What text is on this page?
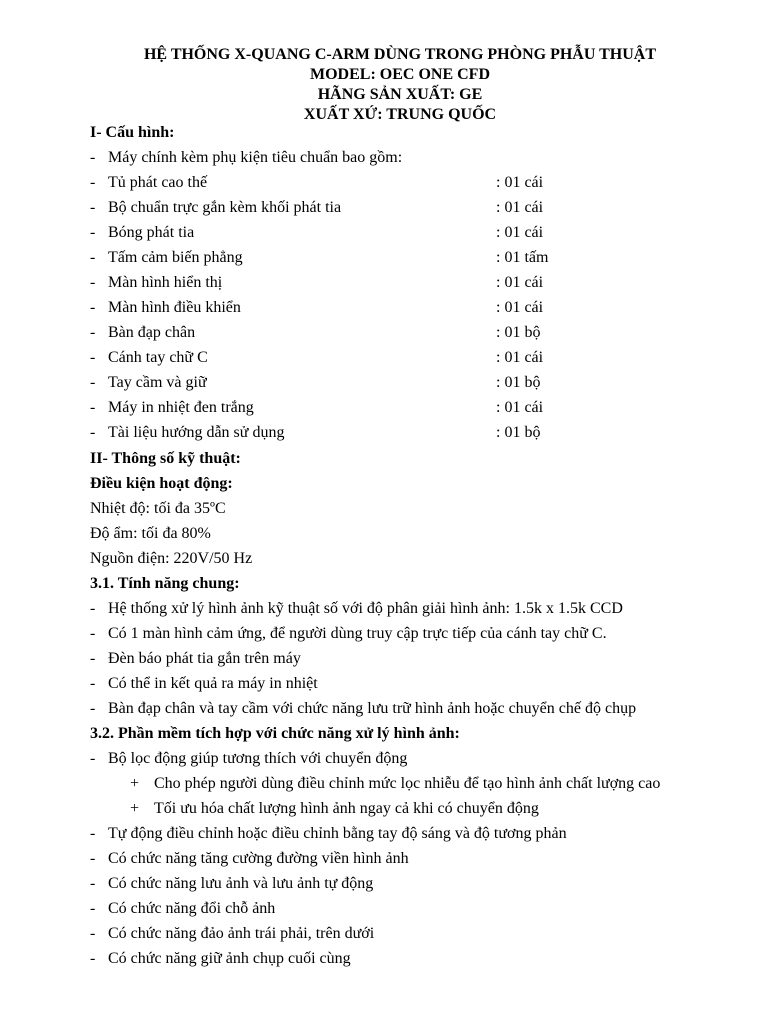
HỆ THỐNG X-QUANG C-ARM DÙNG TRONG PHÒNG PHẪU THUẬT
MODEL: OEC ONE CFD
HÃNG SẢN XUẤT: GE
XUẤT XỨ: TRUNG QUỐC
I- Cấu hình:
- Máy chính kèm phụ kiện tiêu chuẩn bao gồm:
- Tủ phát cao thế	: 01 cái
- Bộ chuẩn trực gắn kèm khối phát tia	: 01 cái
- Bóng phát tia	: 01 cái
- Tấm cảm biến phẳng	: 01 tấm
- Màn hình hiển thị	: 01 cái
- Màn hình điều khiển	: 01 cái
- Bàn đạp chân	: 01 bộ
- Cánh tay chữ C	: 01 cái
- Tay cầm và giữ	: 01 bộ
- Máy in nhiệt đen trắng	: 01 cái
- Tài liệu hướng dẫn sử dụng	: 01 bộ
II- Thông số kỹ thuật:
Điều kiện hoạt động:
Nhiệt độ: tối đa 35ºC
Độ ẩm: tối đa 80%
Nguồn điện: 220V/50 Hz
3.1. Tính năng chung:
- Hệ thống xử lý hình ảnh kỹ thuật số với độ phân giải hình ảnh: 1.5k x 1.5k CCD
- Có 1 màn hình cảm ứng, để người dùng truy cập trực tiếp của cánh tay chữ C.
- Đèn báo phát tia gắn trên máy
- Có thể in kết quả ra máy in nhiệt
- Bàn đạp chân và tay cầm với chức năng lưu trữ hình ảnh hoặc chuyển chế độ chụp
3.2. Phần mềm tích hợp với chức năng xử lý hình ảnh:
- Bộ lọc động giúp tương thích với chuyển động
+ Cho phép người dùng điều chỉnh mức lọc nhiễu để tạo hình ảnh chất lượng cao
+ Tối ưu hóa chất lượng hình ảnh ngay cả khi có chuyển động
- Tự động điều chỉnh hoặc điều chỉnh bằng tay độ sáng và độ tương phản
- Có chức năng tăng cường đường viền hình ảnh
- Có chức năng lưu ảnh và lưu ảnh tự động
- Có chức năng đổi chỗ ảnh
- Có chức năng đảo ảnh trái phải, trên dưới
- Có chức năng giữ ảnh chụp cuối cùng
